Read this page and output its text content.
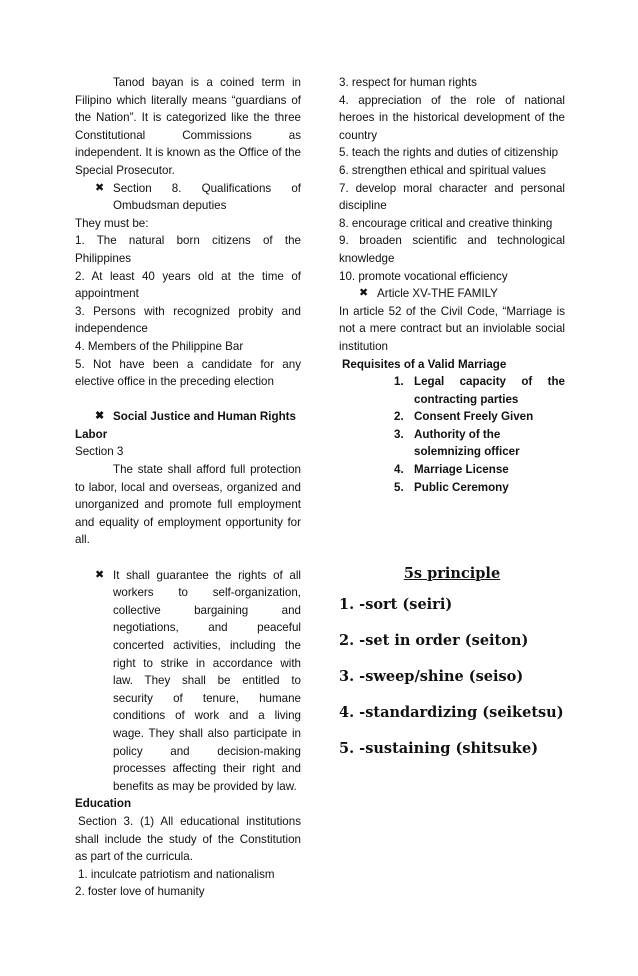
Tanod bayan is a coined term in Filipino which literally means “guardians of the Nation”. It is categorized like the three Constitutional Commissions as independent. It is known as the Office of the Special Prosecutor.

✖ Section 8. Qualifications of Ombudsman deputies

They must be:

1. The natural born citizens of the Philippines

2. At least 40 years old at the time of appointment

3. Persons with recognized probity and independence

4. Members of the Philippine Bar

5. Not have been a candidate for any elective office in the preceding election

✖ Social Justice and Human Rights

Labor

Section 3

The state shall afford full protection to labor, local and overseas, organized and unorganized and promote full employment and equality of employment opportunity for all.

✖ It shall guarantee the rights of all workers to self-organization, collective bargaining and negotiations, and peaceful concerted activities, including the right to strike in accordance with law. They shall be entitled to security of tenure, humane conditions of work and a living wage. They shall also participate in policy and decision-making processes affecting their right and benefits as may be provided by law.

Education

Section 3. (1) All educational institutions shall include the study of the Constitution as part of the curricula.

1. inculcate patriotism and nationalism

2. foster love of humanity

3. respect for human rights

4. appreciation of the role of national heroes in the historical development of the country

5. teach the rights and duties of citizenship

6. strengthen ethical and spiritual values

7. develop moral character and personal discipline

8. encourage critical and creative thinking

9. broaden scientific and technological knowledge

10. promote vocational efficiency

✖ Article XV-THE FAMILY

In article 52 of the Civil Code, “Marriage is not a mere contract but an inviolable social institution

Requisites of a Valid Marriage

1. Legal capacity of the contracting parties
2. Consent Freely Given
3. Authority of the solemnizing officer
4. Marriage License
5. Public Ceremony
5s principle

1. -sort (seiri)

2. -set in order (seiton)

3. -sweep/shine (seiso)

4. -standardizing (seiketsu)

5. -sustaining (shitsuke)
